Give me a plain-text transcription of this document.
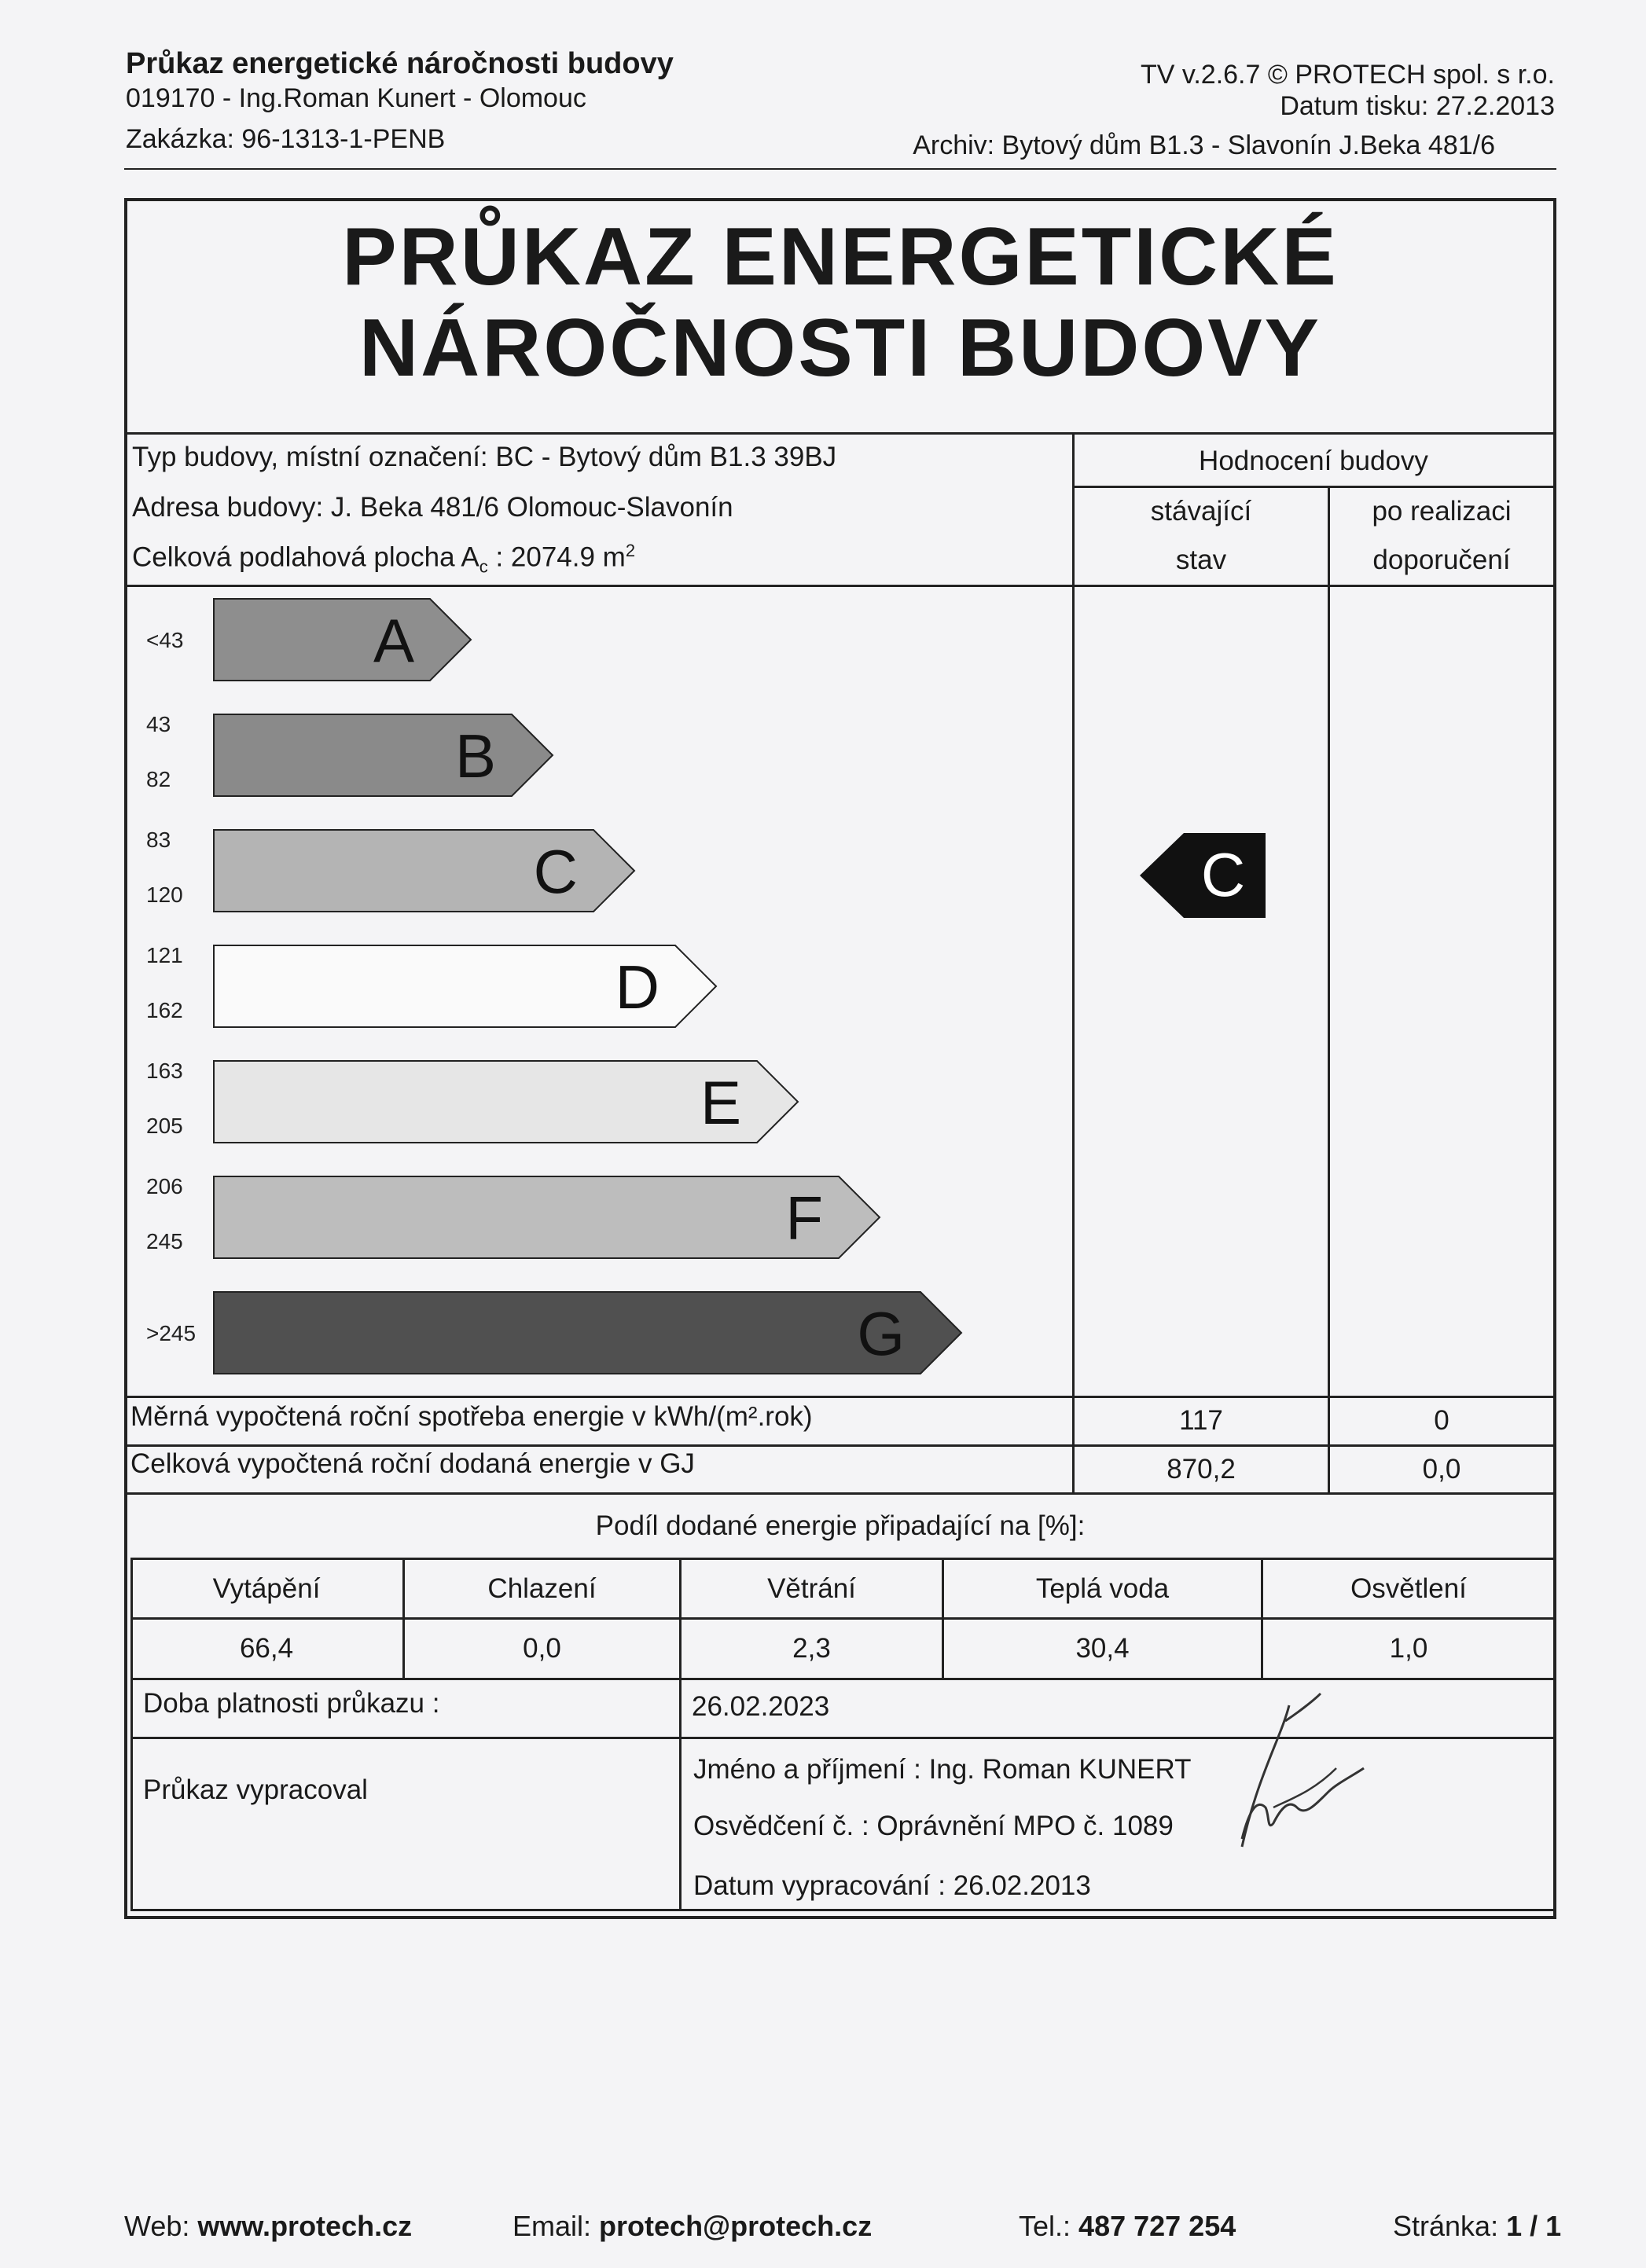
Průkaz energetické náročnosti budovy
019170 - Ing.Roman Kunert - Olomouc
Zakázka: 96-1313-1-PENB
TV v.2.6.7 © PROTECH spol. s r.o.
Datum tisku: 27.2.2013
Archiv: Bytový dům B1.3 - Slavonín J.Beka 481/6
PRŮKAZ ENERGETICKÉ
NÁROČNOSTI BUDOVY
Typ budovy, místní označení: BC - Bytový dům B1.3 39BJ
Adresa budovy: J. Beka 481/6 Olomouc-Slavonín
Celková podlahová plocha $A_c$ : 2074.9 $m^2$
Hodnocení budovy
stávající
stav
po realizaci
doporučení
A
<43
B
43
82
C
83
120
D
121
162
E
163
205
F
206
245
G
>245
C
Měrná vypočtená roční spotřeba energie v kWh/(m².rok)	117	0
Celková vypočtená roční dodaná energie v GJ	870,2	0,0
Podíl dodané energie připadající na [%]:
Vytápění	Chlazení	Větrání	Teplá voda	Osvětlení
66,4	0,0	2,3	30,4	1,0
Doba platnosti průkazu :	26.02.2023
Průkaz vypracoval
Jméno a příjmení : Ing. Roman KUNERT
Osvědčení č. : Oprávnění MPO č. 1089
Datum vypracování : 26.02.2013
Web: www.protech.cz	Email: protech@protech.cz	Tel.: 487 727 254	Stránka: 1 / 1
